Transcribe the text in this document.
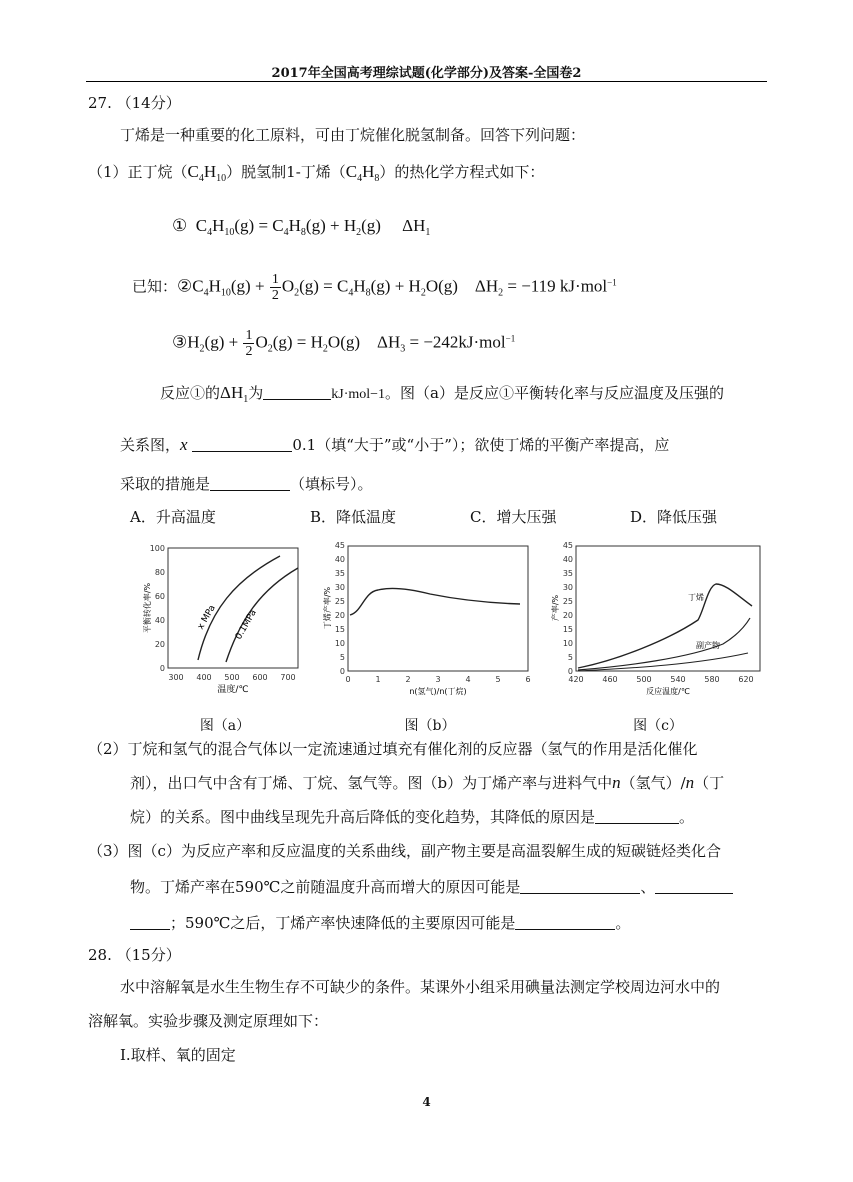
2017年全国高考理综试题(化学部分)及答案-全国卷2
27. （14分）
丁烯是一种重要的化工原料，可由丁烷催化脱氢制备。回答下列问题：
（1）正丁烷$(C_4H_{10})$脱氢制1-丁烯$(C_4H_8)$的热化学方程式如下：
①  $C_4H_{10}(g) = C_4H_8(g) + H_2(g)$     $\Delta H_1$
已知：$②C_4H_{10}(g) + \frac{1}{2} O_2(g) = C_4H_8(g) + H_2O(g)$    $\Delta H_2 = -119$ kJ·mol$^{-1}$
$③H_2(g) + \frac{1}{2} O_2(g) = H_2O(g)$    $\Delta H_3 = -242kJ\cdot mol^{-1}$
反应①的$\Delta H_1$为	kJ·mol−1。图（a）是反应①平衡转化率与反应温度及压强的
关系图，x	0.1（填“大于”或“小于”）；欲使丁烯的平衡产率提高，应
采取的措施是	（填标号）。
A．升高温度	B．降低温度	C．增大压强	D．降低压强
0
20
40
60
80
100
300 400 500 600 700
x MPa 0.1MPa
平衡转化率/%
温度/℃
图（a）
0
5
10
15
20
25
30
35
40
45
0	1	2	3	4	5	6
丁烯产率/%
n(氢气)/n(丁烷)
图（b）
0
5
10
15
20
25
30
35
40
45
420 460 500 540 580 620
丁烯
副产物
产率/%
反应温度/℃
图（c）
（2）丁烷和氢气的混合气体以一定流速通过填充有催化剂的反应器（氢气的作用是活化催化
剂），出口气中含有丁烯、丁烷、氢气等。图（b）为丁烯产率与进料气中n（氢气）/n（丁
烷）的关系。图中曲线呈现先升高后降低的变化趋势，其降低的原因是	。
（3）图（c）为反应产率和反应温度的关系曲线，副产物主要是高温裂解生成的短碳链烃类化合
物。丁烯产率在590℃之前随温度升高而增大的原因可能是	、
；590℃之后，丁烯产率快速降低的主要原因可能是	。
28. （15分）
水中溶解氧是水生生物生存不可缺少的条件。某课外小组采用碘量法测定学校周边河水中的
溶解氧。实验步骤及测定原理如下：
Ⅰ.取样、氧的固定
4
